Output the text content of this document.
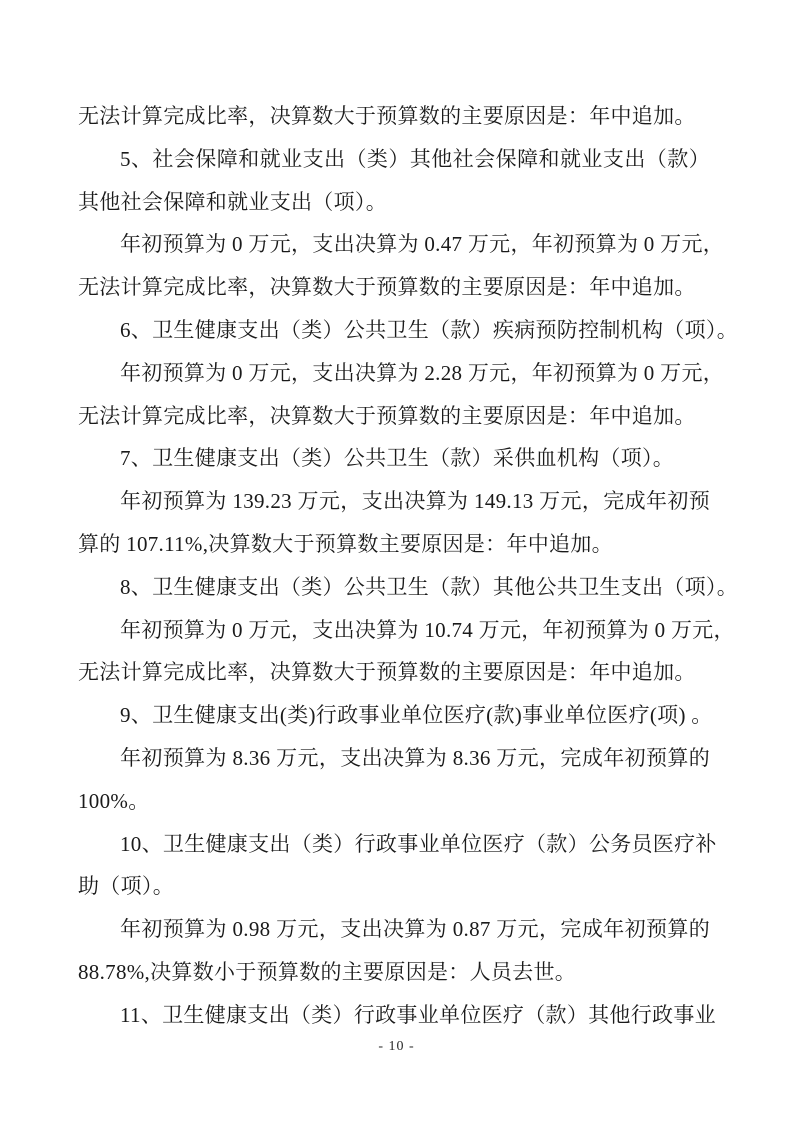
无法计算完成比率，决算数大于预算数的主要原因是：年中追加。
5、社会保障和就业支出（类）其他社会保障和就业支出（款）
其他社会保障和就业支出（项）。
年初预算为 0 万元，支出决算为 0.47 万元，年初预算为 0 万元，
无法计算完成比率，决算数大于预算数的主要原因是：年中追加。
6、卫生健康支出（类）公共卫生（款）疾病预防控制机构（项）。
年初预算为 0 万元，支出决算为 2.28 万元，年初预算为 0 万元，
无法计算完成比率，决算数大于预算数的主要原因是：年中追加。
7、卫生健康支出（类）公共卫生（款）采供血机构（项）。
年初预算为 139.23 万元，支出决算为 149.13 万元，完成年初预
算的 107.11%,决算数大于预算数主要原因是：年中追加。
8、卫生健康支出（类）公共卫生（款）其他公共卫生支出（项）。
年初预算为 0 万元，支出决算为 10.74 万元，年初预算为 0 万元，
无法计算完成比率，决算数大于预算数的主要原因是：年中追加。
9、卫生健康支出(类)行政事业单位医疗(款)事业单位医疗(项) 。
年初预算为 8.36 万元，支出决算为 8.36 万元，完成年初预算的
100%。
10、卫生健康支出（类）行政事业单位医疗（款）公务员医疗补
助（项）。
年初预算为 0.98 万元，支出决算为 0.87 万元，完成年初预算的
88.78%,决算数小于预算数的主要原因是：人员去世。
11、卫生健康支出（类）行政事业单位医疗（款）其他行政事业
- 10 -
